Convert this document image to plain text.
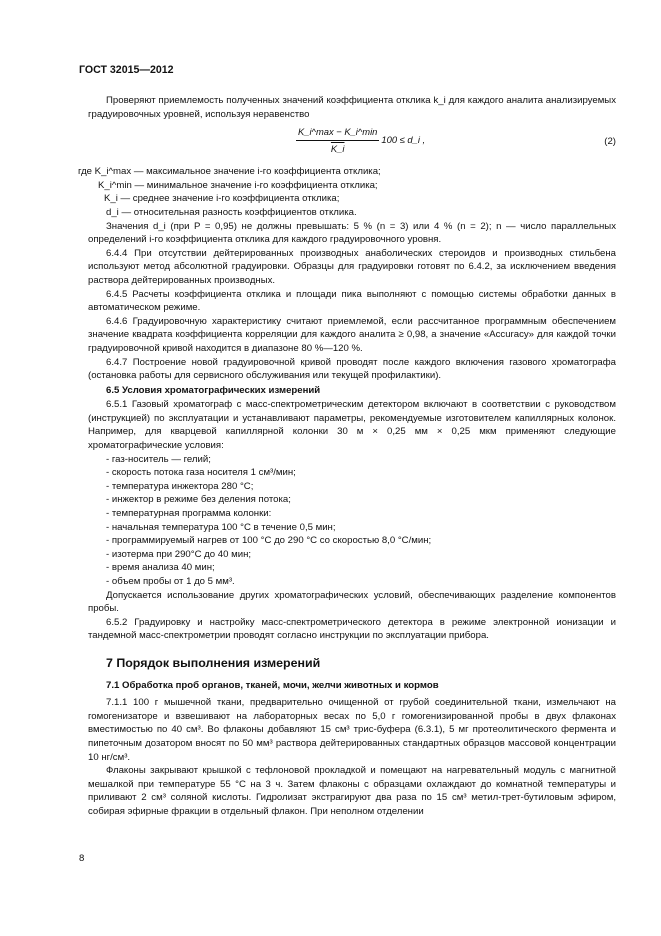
ГОСТ 32015—2012

Проверяют приемлемость полученных значений коэффициента отклика k_i для каждого аналита анализируемых градуировочных уровней, используя неравенство

$\frac{K\_i\^{}\max - K\_i\^{}\min}{K\_i} 100$ ≤ d_i ,	(2)
где K_i^max — максимальное значение i-го коэффициента отклика;
K_i^min — минимальное значение i-го коэффициента отклика;
K_i — среднее значение i-го коэффициента отклика;
d_i — относительная разность коэффициентов отклика.

Значения d_i (при P = 0,95) не должны превышать: 5 % (n = 3) или 4 % (n = 2); n — число параллельных определений i-го коэффициента отклика для каждого градуировочного уровня.

6.4.4 При отсутствии дейтерированных производных анаболических стероидов и производных стильбена используют метод абсолютной градуировки. Образцы для градуировки готовят по 6.4.2, за исключением введения раствора дейтерированных производных.

6.4.5 Расчеты коэффициента отклика и площади пика выполняют с помощью системы обработки данных в автоматическом режиме.

6.4.6 Градуировочную характеристику считают приемлемой, если рассчитанное программным обеспечением значение квадрата коэффициента корреляции для каждого аналита ≥ 0,98, а значение «Accuracy» для каждой точки градуировочной кривой находится в диапазоне 80 %—120 %.

6.4.7 Построение новой градуировочной кривой проводят после каждого включения газового хроматографа (остановка работы для сервисного обслуживания или текущей профилактики).

6.5 Условия хроматографических измерений

6.5.1 Газовый хроматограф с масс-спектрометрическим детектором включают в соответствии с руководством (инструкцией) по эксплуатации и устанавливают параметры, рекомендуемые изготовителем капиллярных колонок. Например, для кварцевой капиллярной колонки 30 м × 0,25 мм × 0,25 мкм применяют следующие хроматографические условия:

- газ-носитель — гелий;
- скорость потока газа носителя 1 см³/мин;
- температура инжектора 280 °С;
- инжектор в режиме без деления потока;
- температурная программа колонки:
- начальная температура 100 °С в течение 0,5 мин;
- программируемый нагрев от 100 °С до 290 °С со скоростью 8,0 °С/мин;
- изотерма при 290°С до 40 мин;
- время анализа 40 мин;
- объем пробы от 1 до 5 мм³.

Допускается использование других хроматографических условий, обеспечивающих разделение компонентов пробы.

6.5.2 Градуировку и настройку масс-спектрометрического детектора в режиме электронной ионизации и тандемной масс-спектрометрии проводят согласно инструкции по эксплуатации прибора.

7 Порядок выполнения измерений
7.1 Обработка проб органов, тканей, мочи, желчи животных и кормов

7.1.1 100 г мышечной ткани, предварительно очищенной от грубой соединительной ткани, измельчают на гомогенизаторе и взвешивают на лабораторных весах по 5,0 г гомогенизированной пробы в двух флаконах вместимостью по 40 см³. Во флаконы добавляют 15 см³ трис-буфера (6.3.1), 5 мг протеолитического фермента и пипеточным дозатором вносят по 50 мм³ раствора дейтерированных стандартных образцов массовой концентрации 10 нг/см³.

Флаконы закрывают крышкой с тефлоновой прокладкой и помещают на нагревательный модуль с магнитной мешалкой при температуре 55 °С на 3 ч. Затем флаконы с образцами охлаждают до комнатной температуры и приливают 2 см³ соляной кислоты. Гидролизат экстрагируют два раза по 15 см³ метил-трет-бутиловым эфиром, собирая эфирные фракции в отдельный флакон. При неполном отделении

8
